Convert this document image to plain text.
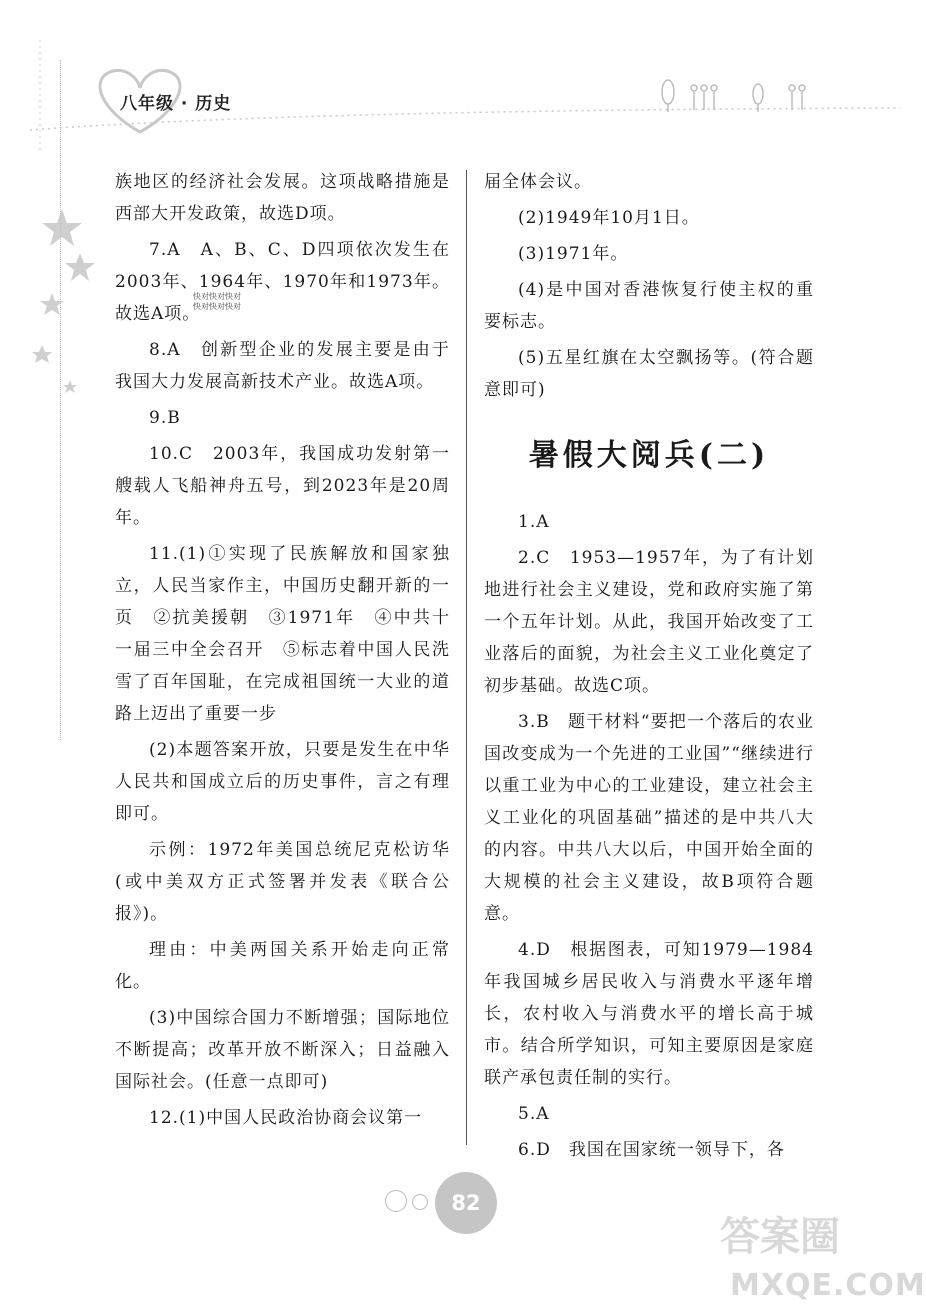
八年级 · 历史
快对快对快对
快对快对快对

族地区的经济社会发展。这项战略措施是西部大开发政策，故选D项。

7.A　A、B、C、D四项依次发生在2003年、1964年、1970年和1973年。故选A项。

8.A　创新型企业的发展主要是由于我国大力发展高新技术产业。故选A项。

9.B

10.C　2003年，我国成功发射第一艘载人飞船神舟五号，到2023年是20周年。

11.(1)①实现了民族解放和国家独立，人民当家作主，中国历史翻开新的一页　②抗美援朝　③1971年　④中共十一届三中全会召开　⑤标志着中国人民洗雪了百年国耻，在完成祖国统一大业的道路上迈出了重要一步

(2)本题答案开放，只要是发生在中华人民共和国成立后的历史事件，言之有理即可。

示例：1972年美国总统尼克松访华(或中美双方正式签署并发表《联合公报》)。

理由：中美两国关系开始走向正常化。

(3)中国综合国力不断增强；国际地位不断提高；改革开放不断深入；日益融入国际社会。(任意一点即可)

12.(1)中国人民政治协商会议第一

届全体会议。

(2)1949年10月1日。

(3)1971年。

(4)是中国对香港恢复行使主权的重要标志。

(5)五星红旗在太空飘扬等。(符合题意即可)

暑假大阅兵(二)

1.A

2.C　1953—1957年，为了有计划地进行社会主义建设，党和政府实施了第一个五年计划。从此，我国开始改变了工业落后的面貌，为社会主义工业化奠定了初步基础。故选C项。

3.B　题干材料“要把一个落后的农业国改变成为一个先进的工业国”“继续进行以重工业为中心的工业建设，建立社会主义工业化的巩固基础”描述的是中共八大的内容。中共八大以后，中国开始全面的大规模的社会主义建设，故B项符合题意。

4.D　根据图表，可知1979—1984年我国城乡居民收入与消费水平逐年增长，农村收入与消费水平的增长高于城市。结合所学知识，可知主要原因是家庭联产承包责任制的实行。

5.A

6.D　我国在国家统一领导下，各

82
答案圈
MXQE.COM
